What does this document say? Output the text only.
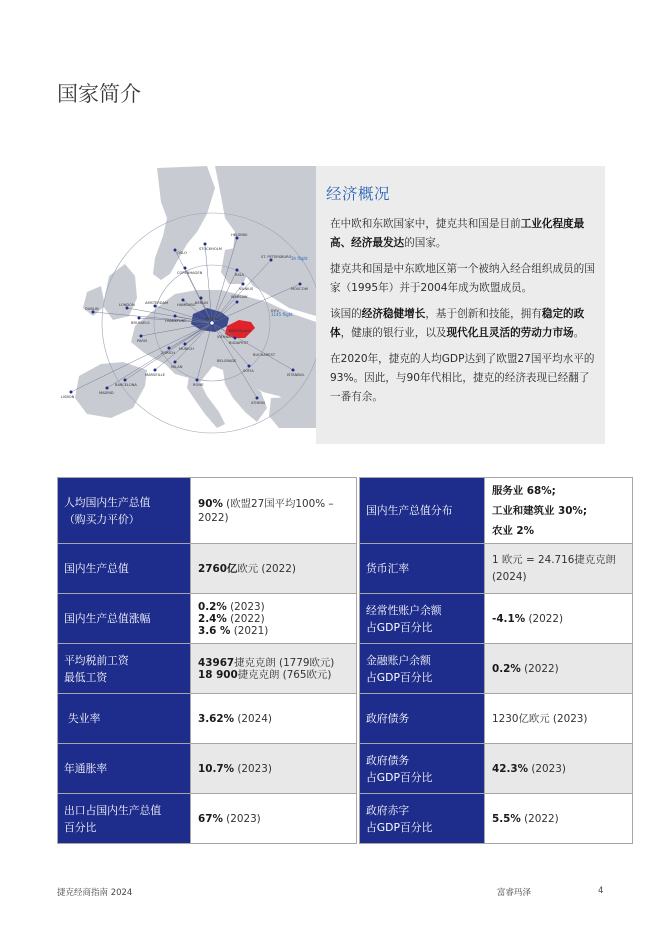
国家简介
OSLO
STOCKHOLM
HELSINKI
ST. PETERSBURG
COPENHAGEN	RIGA
VILNIUS	MOSCOW
AMSTERDAM HAMBURG BERLIN
WARSAW
BRUSSELS
LONDON
DUBLIN
PARIS
FRANKFURT
MUNICH
PRAGUE
VIENNA
BRATISLAVA
BUDAPEST
KYIV
ZURICH
MILAN
MARSEILLE
BARCELONA
MADRID
LISBON
ROME
ATHENS
ISTANBUL
BELGRADE
BUCHAREST
SOFIA
1145 flight
3h flight
经济概况

在中欧和东欧国家中，捷克共和国是目前工业化程度最高、经济最发达的国家。

捷克共和国是中东欧地区第一个被纳入经合组织成员的国家（1995年）并于2004年成为欧盟成员。

该国的经济稳健增长，基于创新和技能，拥有稳定的政体，健康的银行业，以及现代化且灵活的劳动力市场。

在2020年，捷克的人均GDP达到了欧盟27国平均水平的93%。因此，与90年代相比，捷克的经济表现已经翻了一番有余。

人均国内生产总值
（购买力平价）	90% (欧盟27国平均100% – 2022)		国内生产总值分布	服务业 68%;
工业和建筑业 30%;
农业 2%
国内生产总值	2760亿欧元 (2022)		货币汇率	1 欧元 = 24.716捷克克朗 (2024)
国内生产总值涨幅	0.2% (2023)
2.4% (2022)
3.6 % (2021)		经常性账户余额
占GDP百分比	-4.1% (2022)
平均税前工资
最低工资	43967捷克克朗 (1779欧元)
18 900捷克克朗 (765欧元)		金融账户余额
占GDP百分比	0.2% (2022)
失业率	3.62% (2024)		政府债务	1230亿欧元 (2023)
年通胀率	10.7% (2023)		政府债务
占GDP百分比	42.3% (2023)
出口占国内生产总值
百分比	67% (2023)		政府赤字
占GDP百分比	5.5% (2022)
捷克经商指南 2024	富睿玛泽	4
